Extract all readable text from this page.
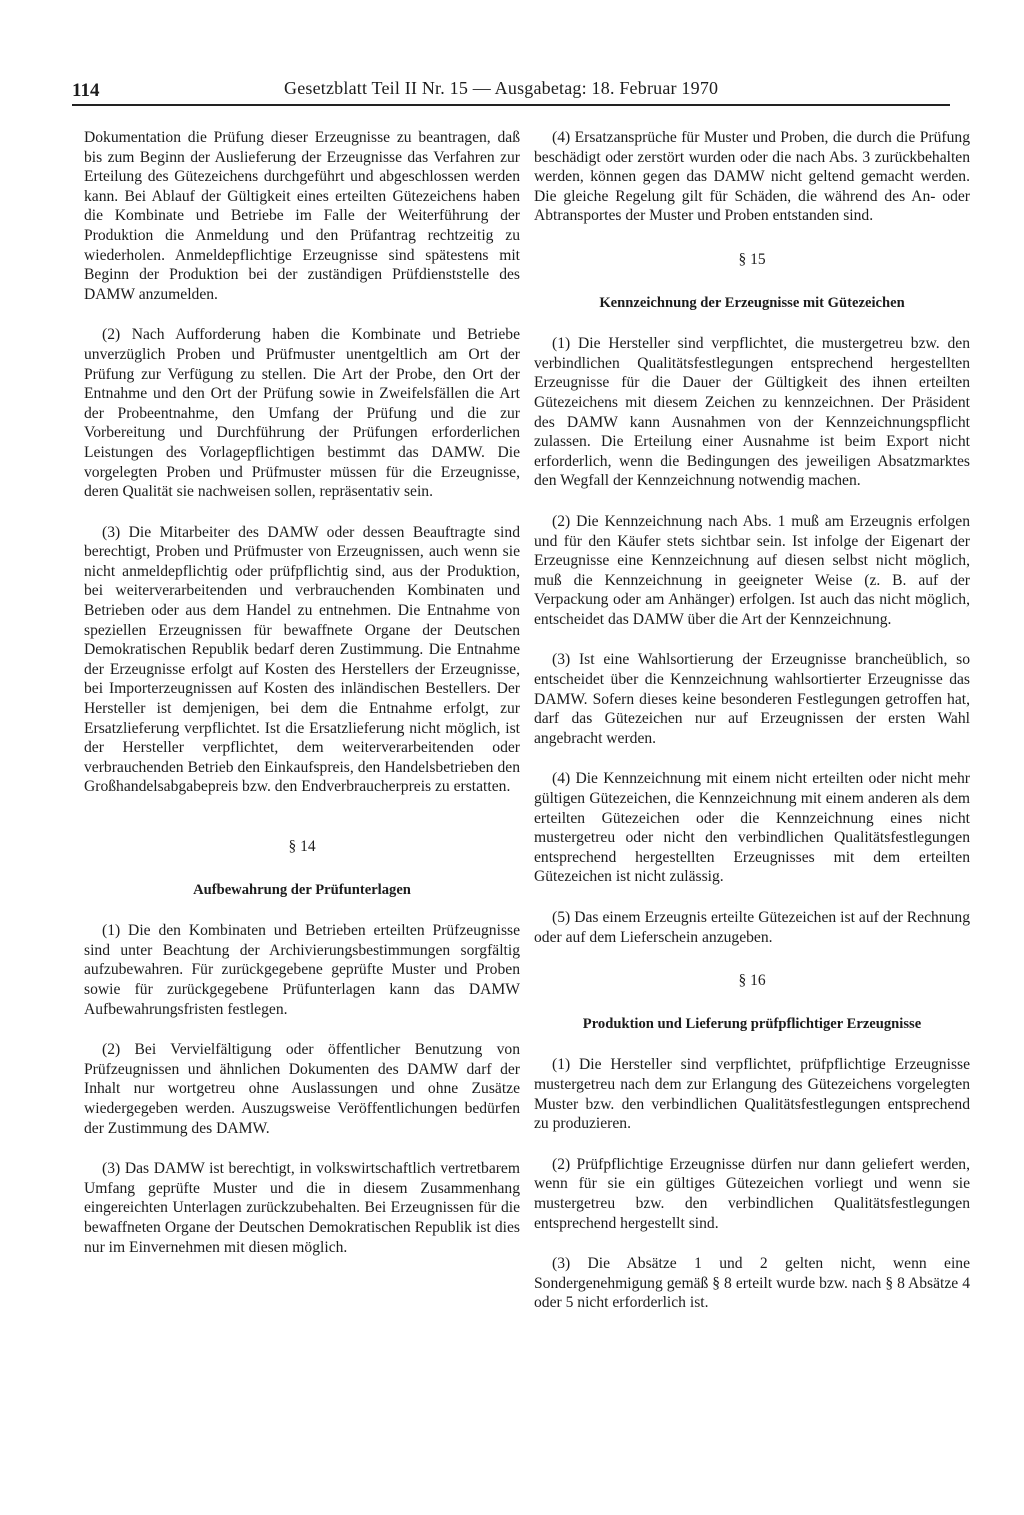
114	Gesetzblatt Teil II Nr. 15 — Ausgabetag: 18. Februar 1970

Dokumentation die Prüfung dieser Erzeugnisse zu beantragen, daß bis zum Beginn der Auslieferung der Erzeugnisse das Verfahren zur Erteilung des Gütezeichens durchgeführt und abgeschlossen werden kann. Bei Ablauf der Gültigkeit eines erteilten Gütezeichens haben die Kombinate und Betriebe im Falle der Weiterführung der Produktion die Anmeldung und den Prüfantrag rechtzeitig zu wiederholen. Anmeldepflichtige Erzeugnisse sind spätestens mit Beginn der Produktion bei der zuständigen Prüfdienststelle des DAMW anzumelden.

(2) Nach Aufforderung haben die Kombinate und Betriebe unverzüglich Proben und Prüfmuster unentgeltlich am Ort der Prüfung zur Verfügung zu stellen. Die Art der Probe, den Ort der Entnahme und den Ort der Prüfung sowie in Zweifelsfällen die Art der Probeentnahme, den Umfang der Prüfung und die zur Vorbereitung und Durchführung der Prüfungen erforderlichen Leistungen des Vorlagepflichtigen bestimmt das DAMW. Die vorgelegten Proben und Prüfmuster müssen für die Erzeugnisse, deren Qualität sie nachweisen sollen, repräsentativ sein.

(3) Die Mitarbeiter des DAMW oder dessen Beauftragte sind berechtigt, Proben und Prüfmuster von Erzeugnissen, auch wenn sie nicht anmeldepflichtig oder prüfpflichtig sind, aus der Produktion, bei weiterverarbeitenden und verbrauchenden Kombinaten und Betrieben oder aus dem Handel zu entnehmen. Die Entnahme von speziellen Erzeugnissen für bewaffnete Organe der Deutschen Demokratischen Republik bedarf deren Zustimmung. Die Entnahme der Erzeugnisse erfolgt auf Kosten des Herstellers der Erzeugnisse, bei Importerzeugnissen auf Kosten des inländischen Bestellers. Der Hersteller ist demjenigen, bei dem die Entnahme erfolgt, zur Ersatzlieferung verpflichtet. Ist die Ersatzlieferung nicht möglich, ist der Hersteller verpflichtet, dem weiterverarbeitenden oder verbrauchenden Betrieb den Einkaufspreis, den Handelsbetrieben den Großhandelsabgabepreis bzw. den Endverbraucherpreis zu erstatten.

§ 14
Aufbewahrung der Prüfunterlagen

(1) Die den Kombinaten und Betrieben erteilten Prüfzeugnisse sind unter Beachtung der Archivierungsbestimmungen sorgfältig aufzubewahren. Für zurückgegebene geprüfte Muster und Proben sowie für zurückgegebene Prüfunterlagen kann das DAMW Aufbewahrungsfristen festlegen.

(2) Bei Vervielfältigung oder öffentlicher Benutzung von Prüfzeugnissen und ähnlichen Dokumenten des DAMW darf der Inhalt nur wortgetreu ohne Auslassungen und ohne Zusätze wiedergegeben werden. Auszugsweise Veröffentlichungen bedürfen der Zustimmung des DAMW.

(3) Das DAMW ist berechtigt, in volkswirtschaftlich vertretbarem Umfang geprüfte Muster und die in diesem Zusammenhang eingereichten Unterlagen zurückzubehalten. Bei Erzeugnissen für die bewaffneten Organe der Deutschen Demokratischen Republik ist dies nur im Einvernehmen mit diesen möglich.

(4) Ersatzansprüche für Muster und Proben, die durch die Prüfung beschädigt oder zerstört wurden oder die nach Abs. 3 zurückbehalten werden, können gegen das DAMW nicht geltend gemacht werden. Die gleiche Regelung gilt für Schäden, die während des An- oder Abtransportes der Muster und Proben entstanden sind.

§ 15
Kennzeichnung der Erzeugnisse mit Gütezeichen

(1) Die Hersteller sind verpflichtet, die mustergetreu bzw. den verbindlichen Qualitätsfestlegungen entsprechend hergestellten Erzeugnisse für die Dauer der Gültigkeit des ihnen erteilten Gütezeichens mit diesem Zeichen zu kennzeichnen. Der Präsident des DAMW kann Ausnahmen von der Kennzeichnungspflicht zulassen. Die Erteilung einer Ausnahme ist beim Export nicht erforderlich, wenn die Bedingungen des jeweiligen Absatzmarktes den Wegfall der Kennzeichnung notwendig machen.

(2) Die Kennzeichnung nach Abs. 1 muß am Erzeugnis erfolgen und für den Käufer stets sichtbar sein. Ist infolge der Eigenart der Erzeugnisse eine Kennzeichnung auf diesen selbst nicht möglich, muß die Kennzeichnung in geeigneter Weise (z. B. auf der Verpackung oder am Anhänger) erfolgen. Ist auch das nicht möglich, entscheidet das DAMW über die Art der Kennzeichnung.

(3) Ist eine Wahlsortierung der Erzeugnisse brancheüblich, so entscheidet über die Kennzeichnung wahlsortierter Erzeugnisse das DAMW. Sofern dieses keine besonderen Festlegungen getroffen hat, darf das Gütezeichen nur auf Erzeugnissen der ersten Wahl angebracht werden.

(4) Die Kennzeichnung mit einem nicht erteilten oder nicht mehr gültigen Gütezeichen, die Kennzeichnung mit einem anderen als dem erteilten Gütezeichen oder die Kennzeichnung eines nicht mustergetreu oder nicht den verbindlichen Qualitätsfestlegungen entsprechend hergestellten Erzeugnisses mit dem erteilten Gütezeichen ist nicht zulässig.

(5) Das einem Erzeugnis erteilte Gütezeichen ist auf der Rechnung oder auf dem Lieferschein anzugeben.

§ 16
Produktion und Lieferung prüfpflichtiger Erzeugnisse

(1) Die Hersteller sind verpflichtet, prüfpflichtige Erzeugnisse mustergetreu nach dem zur Erlangung des Gütezeichens vorgelegten Muster bzw. den verbindlichen Qualitätsfestlegungen entsprechend zu produzieren.

(2) Prüfpflichtige Erzeugnisse dürfen nur dann geliefert werden, wenn für sie ein gültiges Gütezeichen vorliegt und wenn sie mustergetreu bzw. den verbindlichen Qualitätsfestlegungen entsprechend hergestellt sind.

(3) Die Absätze 1 und 2 gelten nicht, wenn eine Sondergenehmigung gemäß § 8 erteilt wurde bzw. nach § 8 Absätze 4 oder 5 nicht erforderlich ist.
